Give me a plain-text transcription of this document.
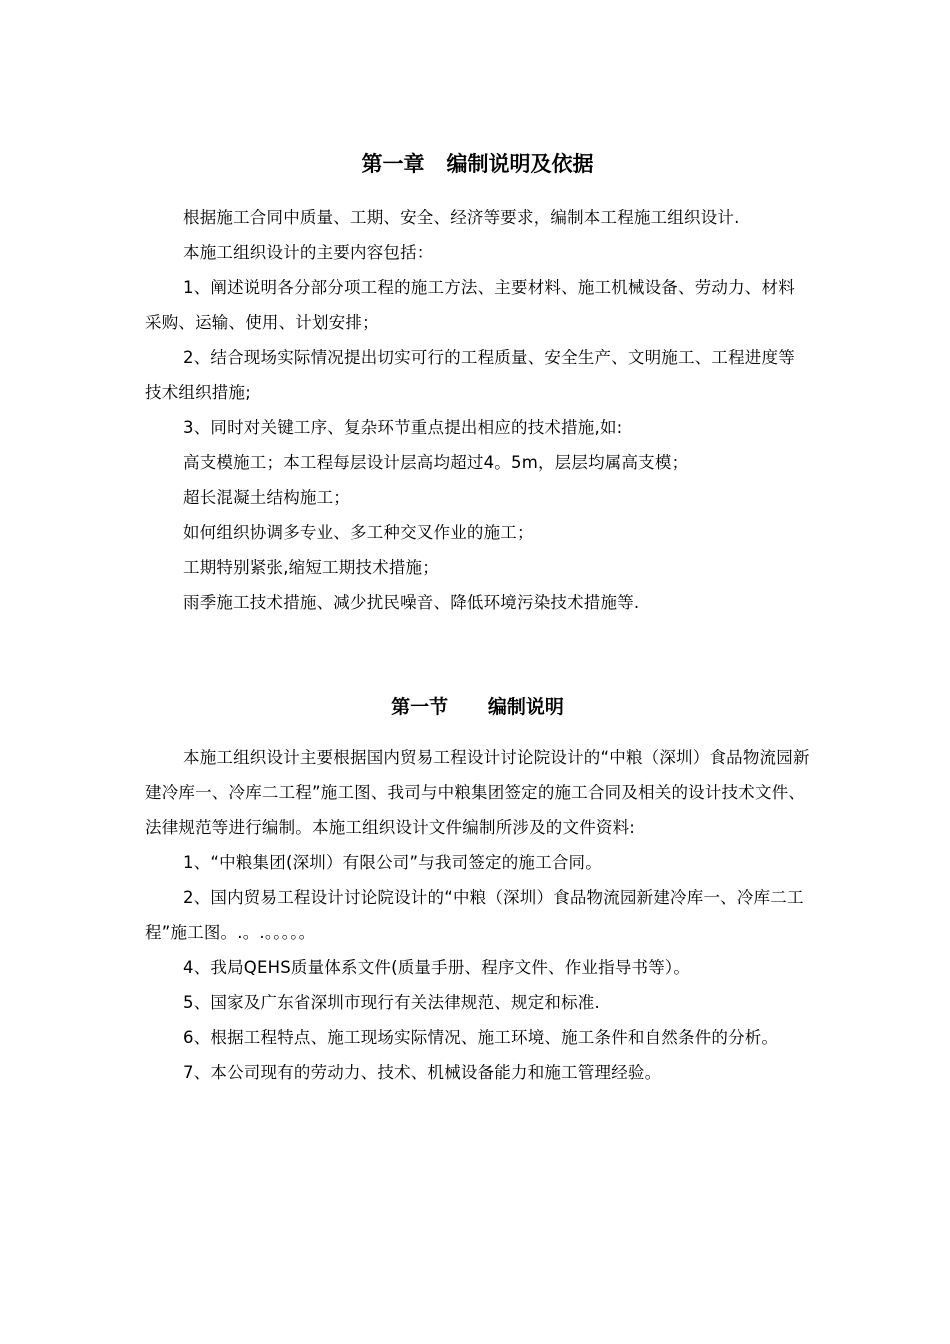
第一章   编制说明及依据

根据施工合同中质量、工期、安全、经济等要求，编制本工程施工组织设计.

本施工组织设计的主要内容包括：

1、阐述说明各分部分项工程的施工方法、主要材料、施工机械设备、劳动力、材料采购、运输、使用、计划安排；

2、结合现场实际情况提出切实可行的工程质量、安全生产、文明施工、工程进度等技术组织措施;

3、同时对关键工序、复杂环节重点提出相应的技术措施,如:

高支模施工；本工程每层设计层高均超过4。5m，层层均属高支模；

超长混凝土结构施工；

如何组织协调多专业、多工种交叉作业的施工；

工期特别紧张,缩短工期技术措施；

雨季施工技术措施、减少扰民噪音、降低环境污染技术措施等.

第一节      编制说明

本施工组织设计主要根据国内贸易工程设计讨论院设计的“中粮（深圳）食品物流园新建冷库一、冷库二工程”施工图、我司与中粮集团签定的施工合同及相关的设计技术文件、法律规范等进行编制。本施工组织设计文件编制所涉及的文件资料:

1、“中粮集团(深圳）有限公司”与我司签定的施工合同。

2、国内贸易工程设计讨论院设计的“中粮（深圳）食品物流园新建冷库一、冷库二工程”施工图。.。.。。。。。

4、我局QEHS质量体系文件(质量手册、程序文件、作业指导书等）。

5、国家及广东省深圳市现行有关法律规范、规定和标准.

6、根据工程特点、施工现场实际情况、施工环境、施工条件和自然条件的分析。

7、本公司现有的劳动力、技术、机械设备能力和施工管理经验。
